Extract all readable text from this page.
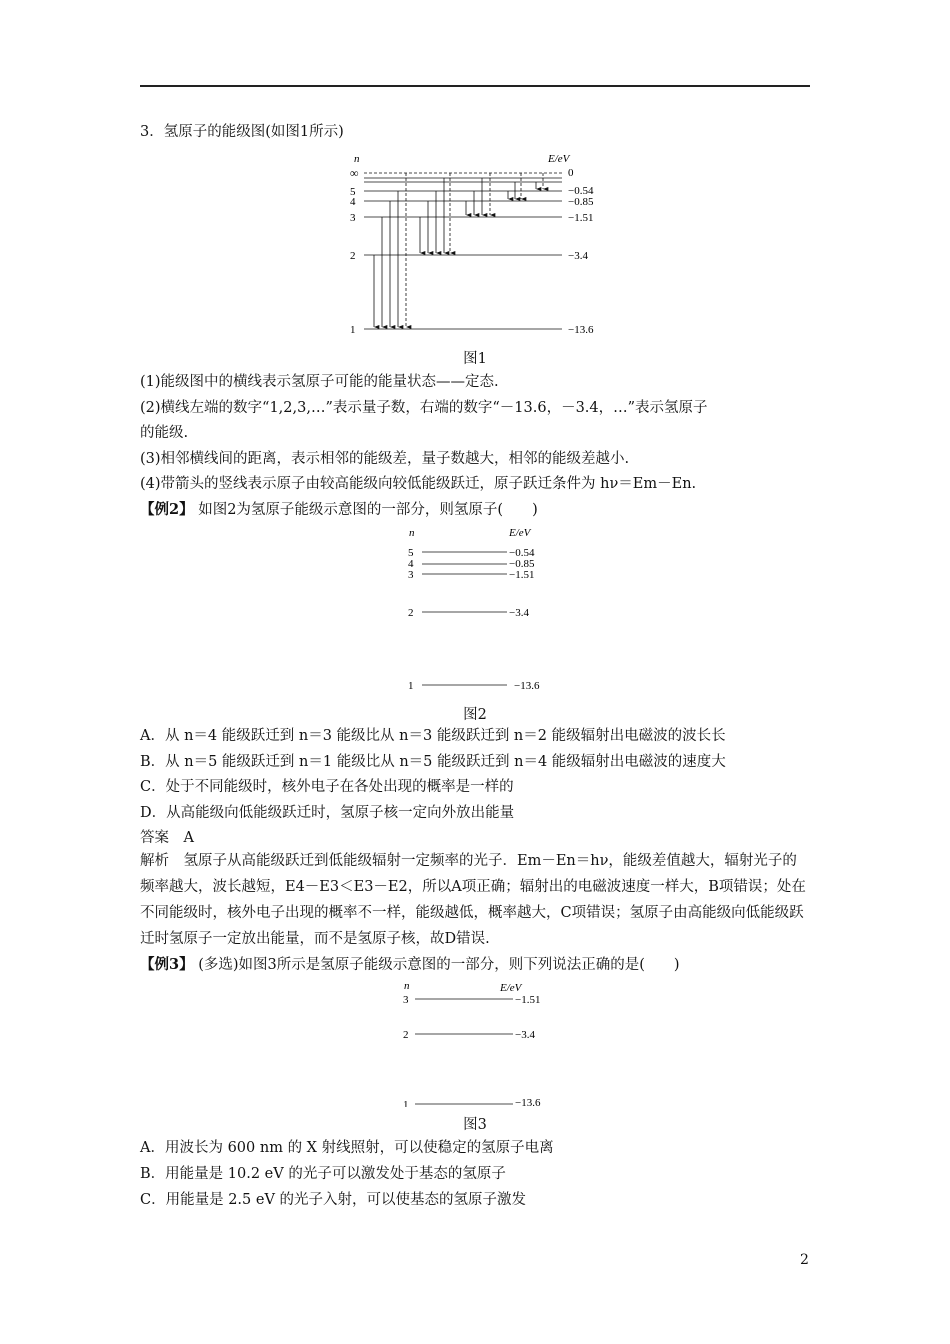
3．氢原子的能级图(如图1所示)
n	E/eV
∞
5
4
3
2
1
0
−0.54
−0.85
−1.51
−3.4
−13.6
图1
(1)能级图中的横线表示氢原子可能的能量状态——定态.
(2)横线左端的数字“1,2,3,…”表示量子数，右端的数字“－13.6，－3.4，…”表示氢原子
的能级.
(3)相邻横线间的距离，表示相邻的能级差，量子数越大，相邻的能级差越小.
(4)带箭头的竖线表示原子由较高能级向较低能级跃迁，原子跃迁条件为 hν＝Em－En.
【例2】 如图2为氢原子能级示意图的一部分，则氢原子(　　)
n	E/eV
5
4
3
2
1
−0.54
−0.85
−1.51
−3.4
−13.6
图2
A．从 n＝4 能级跃迁到 n＝3 能级比从 n＝3 能级跃迁到 n＝2 能级辐射出电磁波的波长长
B．从 n＝5 能级跃迁到 n＝1 能级比从 n＝5 能级跃迁到 n＝4 能级辐射出电磁波的速度大
C．处于不同能级时，核外电子在各处出现的概率是一样的
D．从高能级向低能级跃迁时，氢原子核一定向外放出能量
答案　A
解析　氢原子从高能级跃迁到低能级辐射一定频率的光子．Em－En＝hν，能级差值越大，辐射光子的频率越大，波长越短，E4－E3＜E3－E2，所以A项正确；辐射出的电磁波速度一样大，B项错误；处在不同能级时，核外电子出现的概率不一样，能级越低，概率越大，C项错误；氢原子由高能级向低能级跃迁时氢原子一定放出能量，而不是氢原子核，故D错误.
【例3】 (多选)如图3所示是氢原子能级示意图的一部分，则下列说法正确的是(　　)
n	E/eV
3
2
1
−1.51
−3.4
−13.6
图3
A．用波长为 600 nm 的 X 射线照射，可以使稳定的氢原子电离
B．用能量是 10.2 eV 的光子可以激发处于基态的氢原子
C．用能量是 2.5 eV 的光子入射，可以使基态的氢原子激发
2
